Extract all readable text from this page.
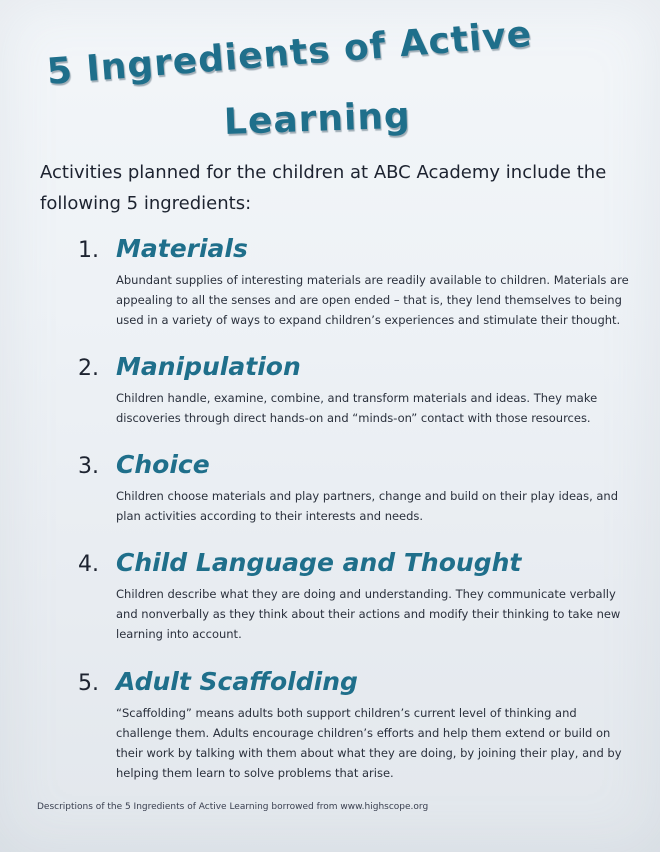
5 Ingredients of Active
Learning

Activities planned for the children at ABC Academy include the following 5 ingredients:

1. Materials

Abundant supplies of interesting materials are readily available to children. Materials are appealing to all the senses and are open ended – that is, they lend themselves to being used in a variety of ways to expand children’s experiences and stimulate their thought.

2. Manipulation

Children handle, examine, combine, and transform materials and ideas. They make discoveries through direct hands-on and “minds-on” contact with those resources.

3. Choice

Children choose materials and play partners, change and build on their play ideas, and plan activities according to their interests and needs.

4. Child Language and Thought

Children describe what they are doing and understanding. They communicate verbally and nonverbally as they think about their actions and modify their thinking to take new learning into account.

5. Adult Scaffolding

“Scaffolding” means adults both support children’s current level of thinking and challenge them. Adults encourage children’s efforts and help them extend or build on their work by talking with them about what they are doing, by joining their play, and by helping them learn to solve problems that arise.

Descriptions of the 5 Ingredients of Active Learning borrowed from www.highscope.org
